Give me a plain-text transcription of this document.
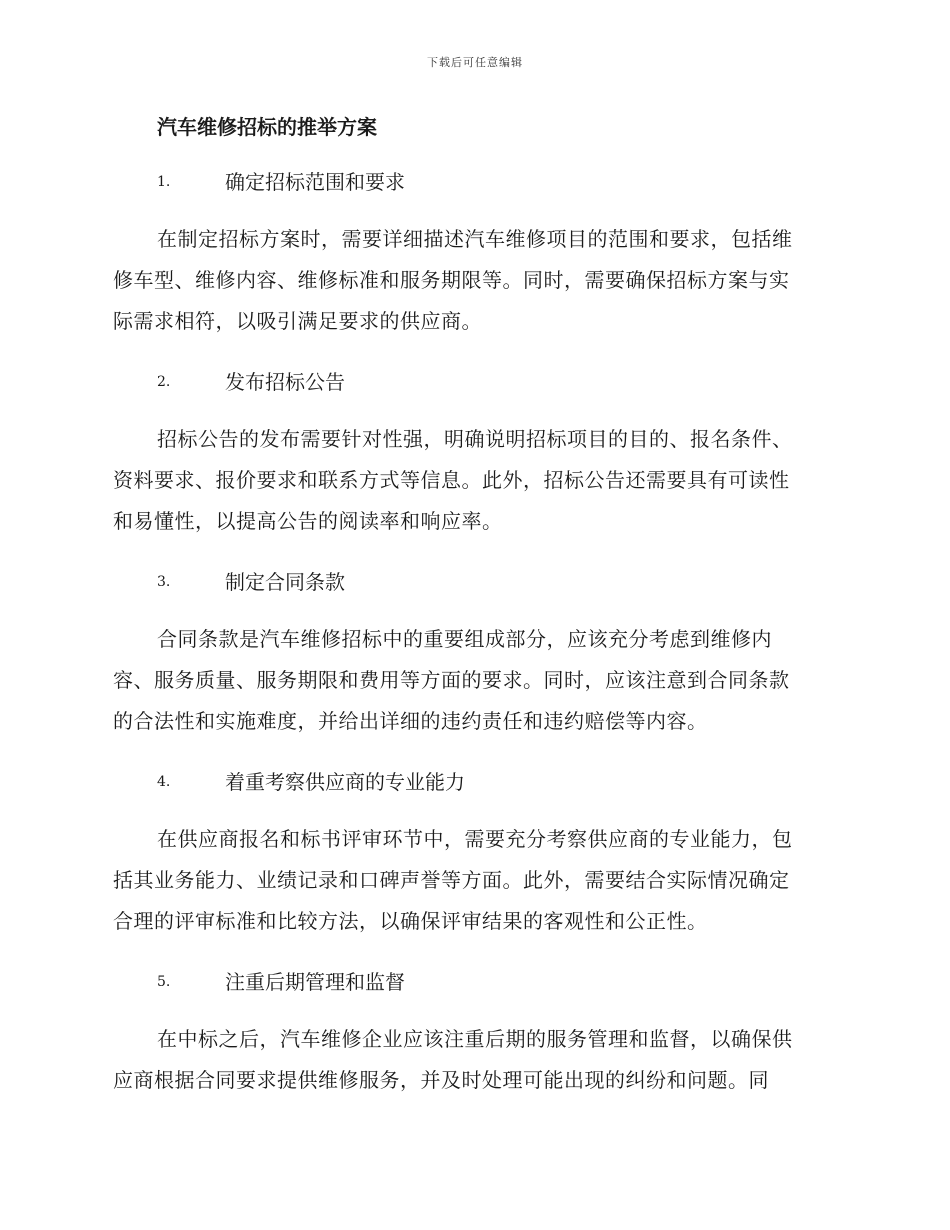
下载后可任意编辑
汽车维修招标的推举方案
1.	确定招标范围和要求
在制定招标方案时，需要详细描述汽车维修项目的范围和要求，包括维
修车型、维修内容、维修标准和服务期限等。同时，需要确保招标方案与实
际需求相符，以吸引满足要求的供应商。
2.	发布招标公告
招标公告的发布需要针对性强，明确说明招标项目的目的、报名条件、
资料要求、报价要求和联系方式等信息。此外，招标公告还需要具有可读性
和易懂性，以提高公告的阅读率和响应率。
3.	制定合同条款
合同条款是汽车维修招标中的重要组成部分，应该充分考虑到维修内
容、服务质量、服务期限和费用等方面的要求。同时，应该注意到合同条款
的合法性和实施难度，并给出详细的违约责任和违约赔偿等内容。
4.	着重考察供应商的专业能力
在供应商报名和标书评审环节中，需要充分考察供应商的专业能力，包
括其业务能力、业绩记录和口碑声誉等方面。此外，需要结合实际情况确定
合理的评审标准和比较方法，以确保评审结果的客观性和公正性。
5.	注重后期管理和监督
在中标之后，汽车维修企业应该注重后期的服务管理和监督，以确保供
应商根据合同要求提供维修服务，并及时处理可能出现的纠纷和问题。同
